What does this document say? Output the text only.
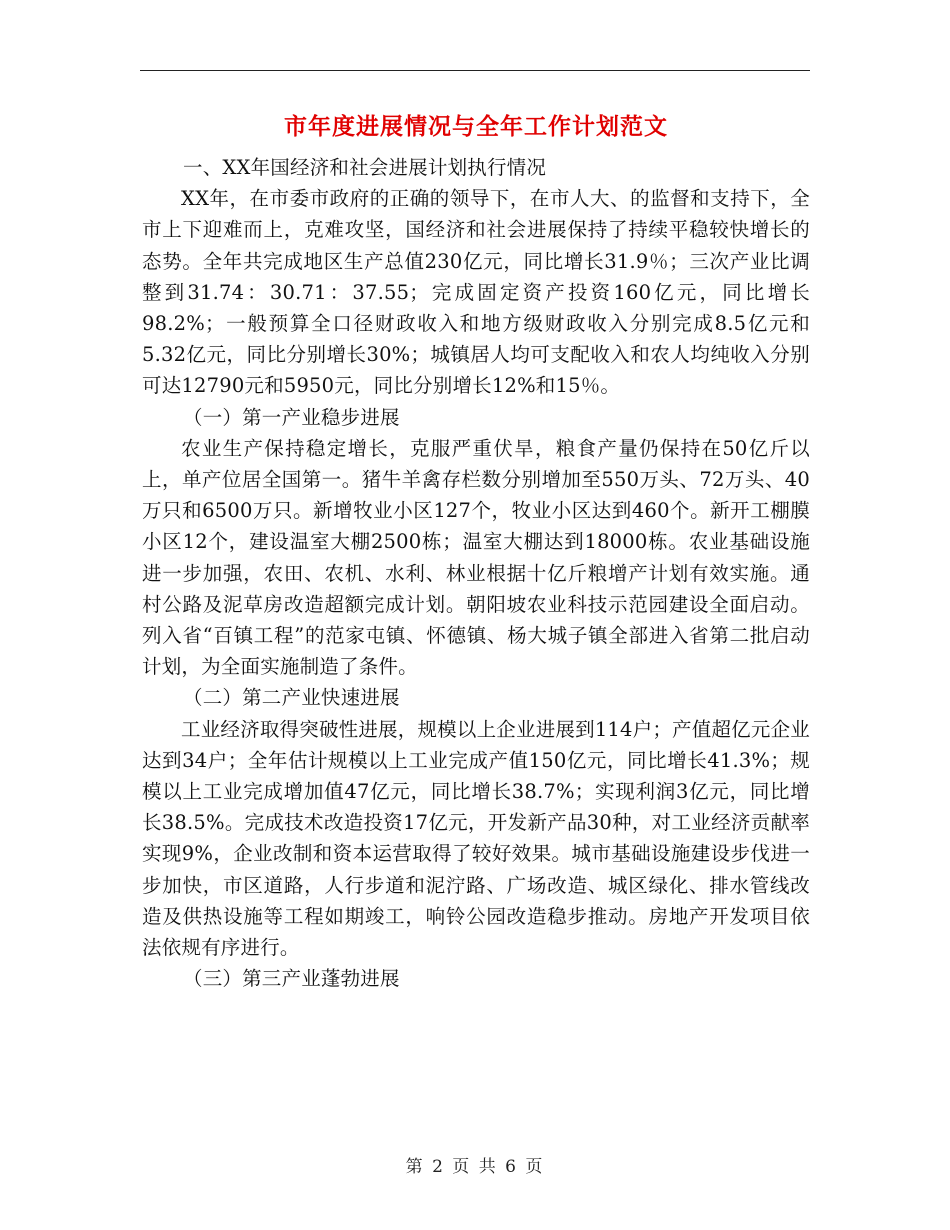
市年度进展情况与全年工作计划范文

一、XX年国经济和社会进展计划执行情况

XX年，在市委市政府的正确的领导下，在市人大、的监督和支持下，全市上下迎难而上，克难攻坚，国经济和社会进展保持了持续平稳较快增长的态势。全年共完成地区生产总值230亿元，同比增长31.9％；三次产业比调整到31.74：30.71：37.55；完成固定资产投资160亿元，同比增长98.2%；一般预算全口径财政收入和地方级财政收入分别完成8.5亿元和5.32亿元，同比分别增长30%；城镇居人均可支配收入和农人均纯收入分别可达12790元和5950元，同比分别增长12%和15％。

（一）第一产业稳步进展

农业生产保持稳定增长，克服严重伏旱，粮食产量仍保持在50亿斤以上，单产位居全国第一。猪牛羊禽存栏数分别增加至550万头、72万头、40万只和6500万只。新增牧业小区127个，牧业小区达到460个。新开工棚膜小区12个，建设温室大棚2500栋；温室大棚达到18000栋。农业基础设施进一步加强，农田、农机、水利、林业根据十亿斤粮增产计划有效实施。通村公路及泥草房改造超额完成计划。朝阳坡农业科技示范园建设全面启动。列入省“百镇工程”的范家屯镇、怀德镇、杨大城子镇全部进入省第二批启动计划，为全面实施制造了条件。

（二）第二产业快速进展

工业经济取得突破性进展，规模以上企业进展到114户；产值超亿元企业达到34户；全年估计规模以上工业完成产值150亿元，同比增长41.3%；规模以上工业完成增加值47亿元，同比增长38.7%；实现利润3亿元，同比增长38.5%。完成技术改造投资17亿元，开发新产品30种，对工业经济贡献率实现9%，企业改制和资本运营取得了较好效果。城市基础设施建设步伐进一步加快，市区道路，人行步道和泥泞路、广场改造、城区绿化、排水管线改造及供热设施等工程如期竣工，响铃公园改造稳步推动。房地产开发项目依法依规有序进行。

（三）第三产业蓬勃进展

第 2 页 共 6 页
